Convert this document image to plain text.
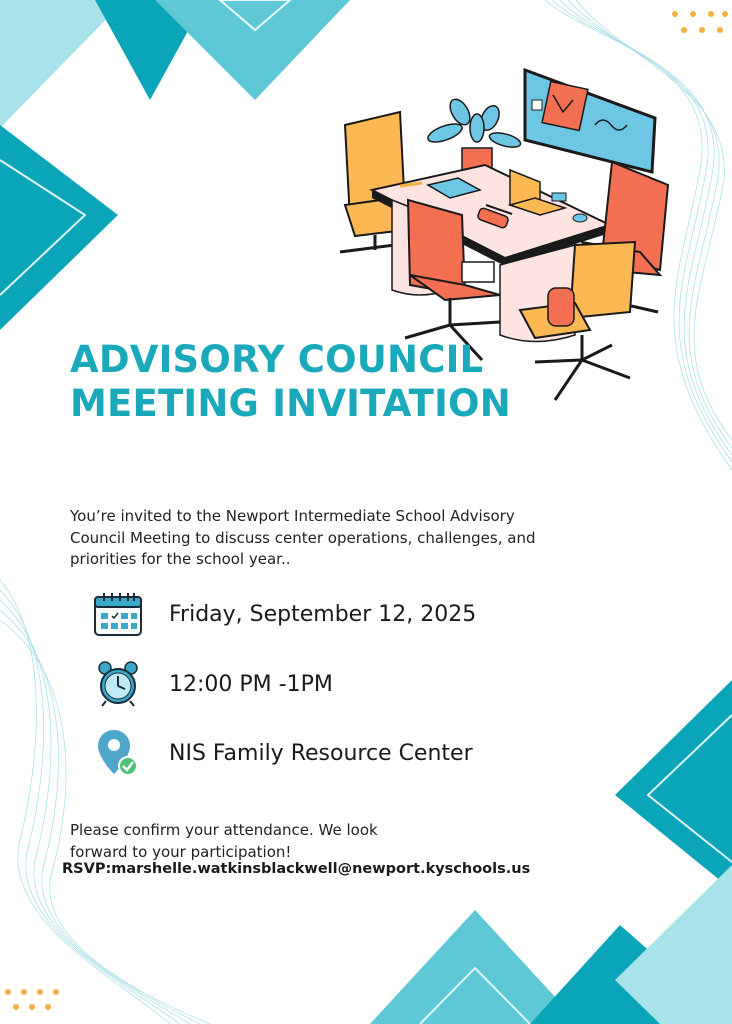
ADVISORY COUNCIL
MEETING INVITATION
You’re invited to the Newport Intermediate School Advisory Council Meeting to discuss center operations, challenges, and priorities for the school year..
Friday, September 12, 2025
12:00 PM -1PM
NIS Family Resource Center
Please confirm your attendance. We look forward to your participation!
RSVP:marshelle.watkinsblackwell@newport.kyschools.us
